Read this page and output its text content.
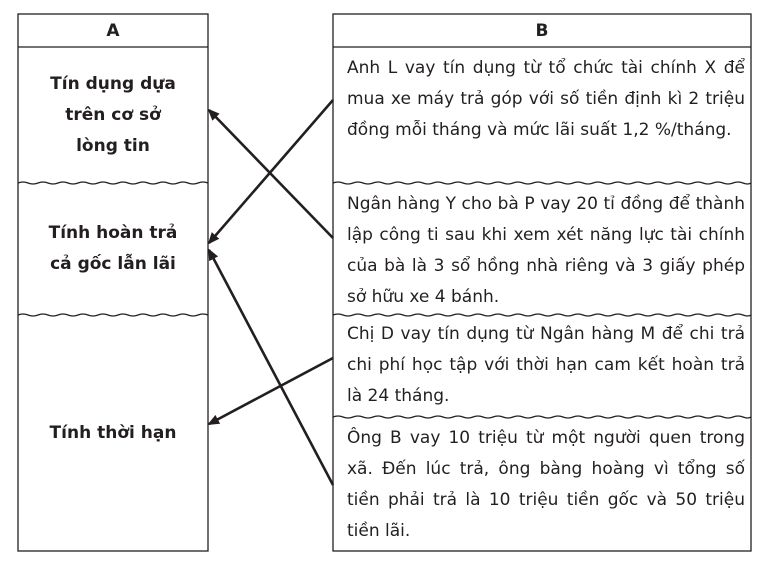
A	B
Tín dụng dựa
trên cơ sở
lòng tin
Tính hoàn trả
cả gốc lẫn lãi
Tính thời hạn
Anh L vay tín dụng từ tổ chức tài chính X để mua xe máy trả góp với số tiền định kì 2 triệu đồng mỗi tháng và mức lãi suất 1,2 %/tháng.
Ngân hàng Y cho bà P vay 20 tỉ đồng để thành lập công ti sau khi xem xét năng lực tài chính của bà là 3 sổ hồng nhà riêng và 3 giấy phép sở hữu xe 4 bánh.
Chị D vay tín dụng từ Ngân hàng M để chi trả chi phí học tập với thời hạn cam kết hoàn trả là 24 tháng.
Ông B vay 10 triệu từ một người quen trong xã. Đến lúc trả, ông bàng hoàng vì tổng số tiền phải trả là 10 triệu tiền gốc và 50 triệu tiền lãi.
